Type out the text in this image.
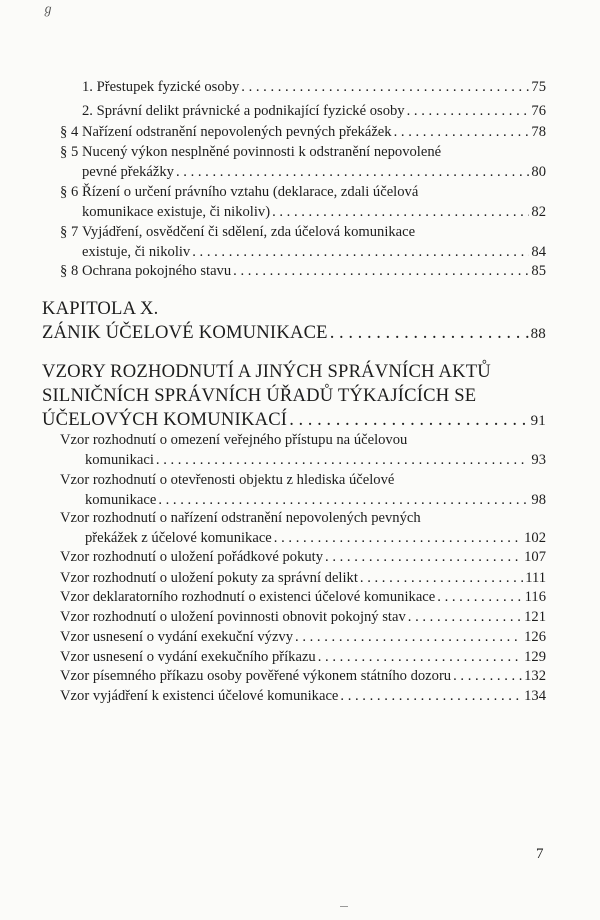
ℊ
1. Přestupek fyzické osoby . . .	75
2. Správní delikt právnické a podnikající fyzické osoby . . .	76
§ 4 Nařízení odstranění nepovolených pevných překážek . . .	78
§ 5 Nucený výkon nesplněné povinnosti k odstranění nepovolené
pevné překážky . . .	80
§ 6 Řízení o určení právního vztahu (deklarace, zdali účelová
komunikace existuje, či nikoliv) . . .	82
§ 7 Vyjádření, osvědčení či sdělení, zda účelová komunikace
existuje, či nikoliv . . .	84
§ 8 Ochrana pokojného stavu . . .	85
KAPITOLA X.
ZÁNIK ÚČELOVÉ KOMUNIKACE . . .	88
VZORY ROZHODNUTÍ A JINÝCH SPRÁVNÍCH AKTŮ
SILNIČNÍCH SPRÁVNÍCH ÚŘADŮ TÝKAJÍCÍCH SE
ÚČELOVÝCH KOMUNIKACÍ . . .	91
Vzor rozhodnutí o omezení veřejného přístupu na účelovou
komunikaci . . .	93
Vzor rozhodnutí o otevřenosti objektu z hlediska účelové
komunikace . . .	98
Vzor rozhodnutí o nařízení odstranění nepovolených pevných
překážek z účelové komunikace . . .	102
Vzor rozhodnutí o uložení pořádkové pokuty . . .	107
Vzor rozhodnutí o uložení pokuty za správní delikt . . .	111
Vzor deklaratorního rozhodnutí o existenci účelové komunikace . . .	116
Vzor rozhodnutí o uložení povinnosti obnovit pokojný stav . . .	121
Vzor usnesení o vydání exekuční výzvy . . .	126
Vzor usnesení o vydání exekučního příkazu . . .	129
Vzor písemného příkazu osoby pověřené výkonem státního dozoru . . .	132
Vzor vyjádření k existenci účelové komunikace . . .	134
7
